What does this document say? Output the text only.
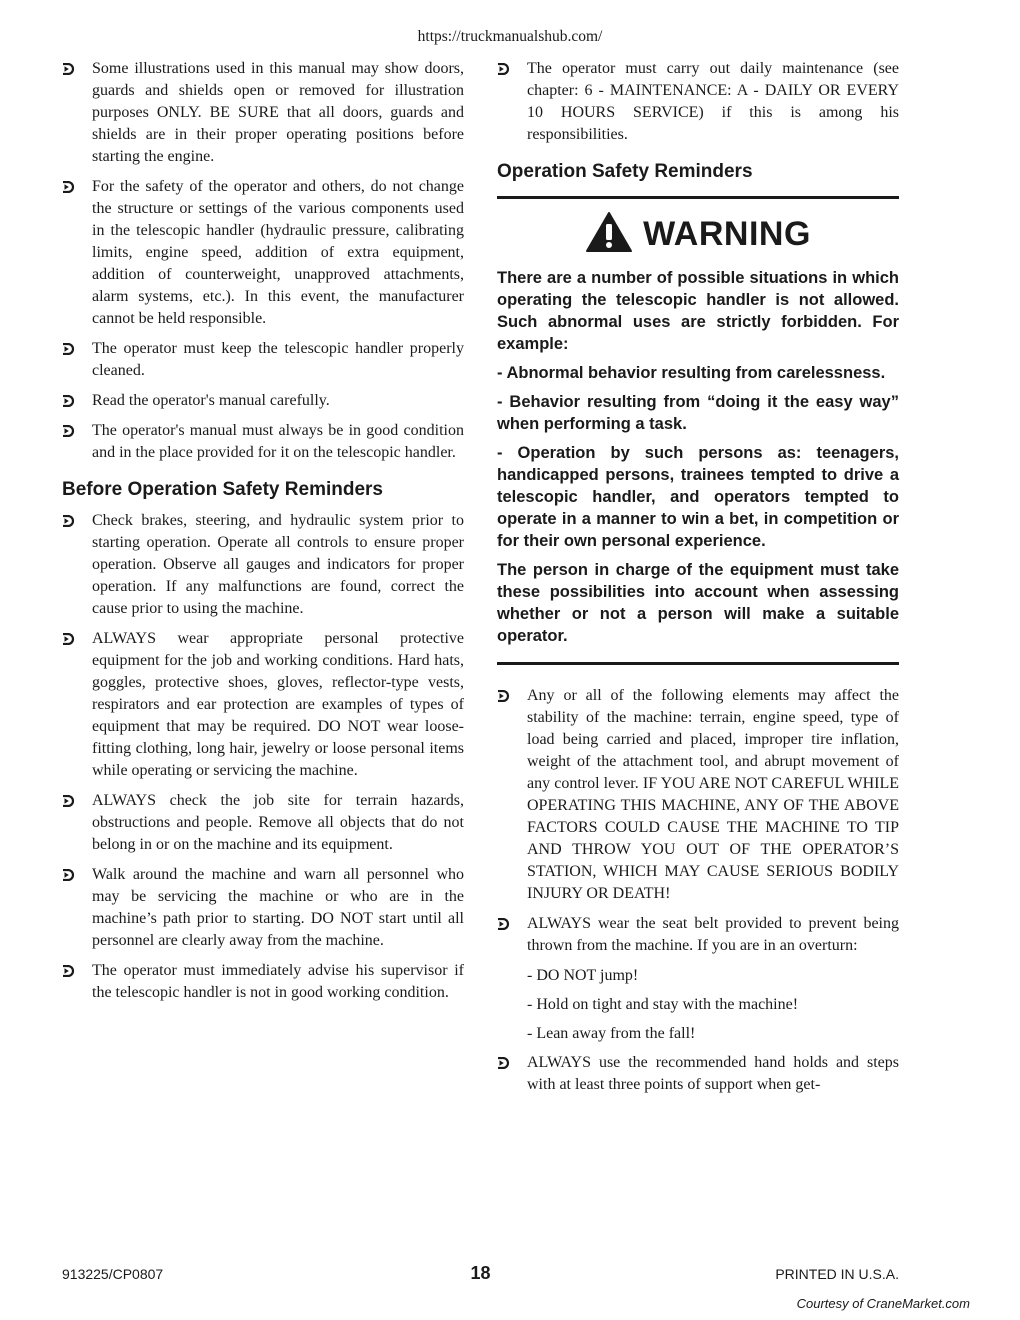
https://truckmanualshub.com/
Some illustrations used in this manual may show doors, guards and shields open or removed for illustration purposes ONLY. BE SURE that all doors, guards and shields are in their proper operating positions before starting the engine.
For the safety of the operator and others, do not change the structure or settings of the various components used in the telescopic handler (hydraulic pressure, calibrating limits, engine speed, addition of extra equipment, addition of counterweight, unapproved attachments, alarm systems, etc.). In this event, the manufacturer cannot be held responsible.
The operator must keep the telescopic handler properly cleaned.
Read the operator's manual carefully.
The operator's manual must always be in good condition and in the place provided for it on the telescopic handler.
Before Operation Safety Reminders
Check brakes, steering, and hydraulic system prior to starting operation. Operate all controls to ensure proper operation. Observe all gauges and indicators for proper operation. If any malfunctions are found, correct the cause prior to using the machine.
ALWAYS wear appropriate personal protective equipment for the job and working conditions. Hard hats, goggles, protective shoes, gloves, reflector-type vests, respirators and ear protection are examples of types of equipment that may be required. DO NOT wear loose-fitting clothing, long hair, jewelry or loose personal items while operating or servicing the machine.
ALWAYS check the job site for terrain hazards, obstructions and people. Remove all objects that do not belong in or on the machine and its equipment.
Walk around the machine and warn all personnel who may be servicing the machine or who are in the machine’s path prior to starting. DO NOT start until all personnel are clearly away from the machine.
The operator must immediately advise his supervisor if the telescopic handler is not in good working condition.
The operator must carry out daily maintenance (see chapter: 6 - MAINTENANCE: A - DAILY OR EVERY 10 HOURS SERVICE) if this is among his responsibilities.
Operation Safety Reminders
WARNING

There are a number of possible situations in which operating the telescopic handler is not allowed. Such abnormal uses are strictly forbidden. For example:

- Abnormal behavior resulting from carelessness.

- Behavior resulting from “doing it the easy way” when performing a task.

- Operation by such persons as: teenagers, handicapped persons, trainees tempted to drive a telescopic handler, and operators tempted to operate in a manner to win a bet, in competition or for their own personal experience.

The person in charge of the equipment must take these possibilities into account when assessing whether or not a person will make a suitable operator.

Any or all of the following elements may affect the stability of the machine: terrain, engine speed, type of load being carried and placed, improper tire inflation, weight of the attachment tool, and abrupt movement of any control lever. IF YOU ARE NOT CAREFUL WHILE OPERATING THIS MACHINE, ANY OF THE ABOVE FACTORS COULD CAUSE THE MACHINE TO TIP AND THROW YOU OUT OF THE OPERATOR’S STATION, WHICH MAY CAUSE SERIOUS BODILY INJURY OR DEATH!
ALWAYS wear the seat belt provided to prevent being thrown from the machine. If you are in an overturn:
- DO NOT jump!
- Hold on tight and stay with the machine!
- Lean away from the fall!
ALWAYS use the recommended hand holds and steps with at least three points of support when get-
913225/CP0807	18	PRINTED IN U.S.A.
Courtesy of CraneMarket.com
